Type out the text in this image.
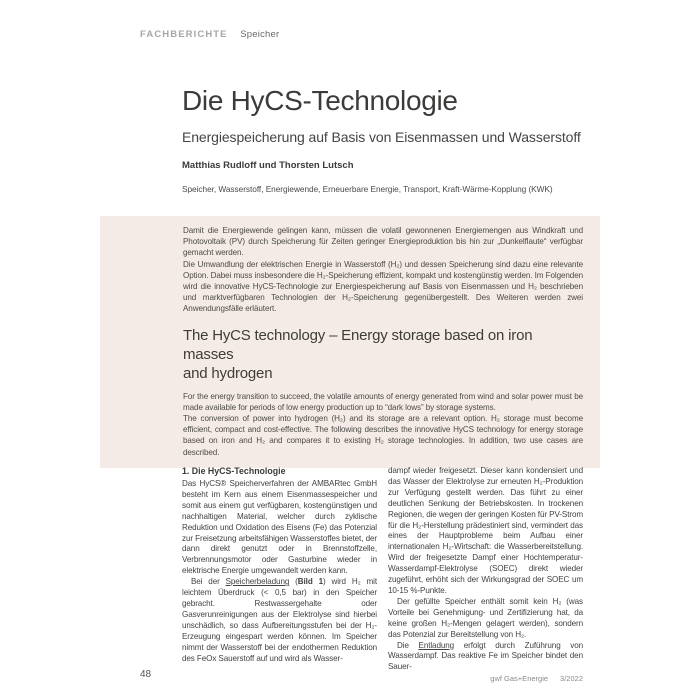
FACHBERICHTE Speicher
Die HyCS-Technologie
Energiespeicherung auf Basis von Eisenmassen und Wasserstoff
Matthias Rudloff und Thorsten Lutsch
Speicher, Wasserstoff, Energiewende, Erneuerbare Energie, Transport, Kraft-Wärme-Kopplung (KWK)

Damit die Energiewende gelingen kann, müssen die volatil gewonnenen Energiemengen aus Windkraft und Photovoltaik (PV) durch Speicherung für Zeiten geringer Energieproduktion bis hin zur „Dunkelflaute“ verfügbar gemacht werden.

Die Umwandlung der elektrischen Energie in Wasserstoff (H₂) und dessen Speicherung sind dazu eine relevante Option. Dabei muss insbesondere die H₂-Speicherung effizient, kompakt und kostengünstig werden. Im Folgenden wird die innovative HyCS-Technologie zur Energiespeicherung auf Basis von Eisenmassen und H₂ beschrieben und marktverfügbaren Technologien der H₂-Speicherung gegenübergestellt. Des Weiteren werden zwei Anwendungsfälle erläutert.

The HyCS technology – Energy storage based on iron masses
and hydrogen

For the energy transition to succeed, the volatile amounts of energy generated from wind and solar power must be made available for periods of low energy production up to “dark lows” by storage systems.

The conversion of power into hydrogen (H₂) and its storage are a relevant option. H₂ storage must become efficient, compact and cost-effective. The following describes the innovative HyCS technology for energy storage based on iron and H₂ and compares it to existing H₂ storage technologies. In addition, two use cases are described.

1. Die HyCS-Technologie

Das HyCS® Speicherverfahren der AMBARtec GmbH besteht im Kern aus einem Eisenmassespeicher und somit aus einem gut verfügbaren, kostengünstigen und nachhaltigen Material, welcher durch zyklische Reduktion und Oxidation des Eisens (Fe) das Potenzial zur Freisetzung arbeitsfähigen Wasserstoffes bietet, der dann direkt genutzt oder in Brennstoffzelle, Verbrennungsmotor oder Gasturbine wieder in elektrische Energie umgewandelt werden kann.

Bei der Speicherbeladung (Bild 1) wird H₂ mit leichtem Überdruck (< 0,5 bar) in den Speicher gebracht. Restwassergehalte oder Gasverunreinigungen aus der Elektrolyse sind hierbei unschädlich, so dass Aufbereitungsstufen bei der H₂-Erzeugung eingespart werden können. Im Speicher nimmt der Wasserstoff bei der endothermen Reduktion des FeOx Sauerstoff auf und wird als Wasser-

dampf wieder freigesetzt. Dieser kann kondensiert und das Wasser der Elektrolyse zur erneuten H₂-Produktion zur Verfügung gestellt werden. Das führt zu einer deutlichen Senkung der Betriebskosten. In trockenen Regionen, die wegen der geringen Kosten für PV-Strom für die H₂-Herstellung prädestiniert sind, vermindert das eines der Hauptprobleme beim Aufbau einer internationalen H₂-Wirtschaft: die Wasserbereitstellung. Wird der freigesetzte Dampf einer Hochtemperatur-Wasserdampf-Elektrolyse (SOEC) direkt wieder zugeführt, erhöht sich der Wirkungsgrad der SOEC um 10-15 %-Punkte.

Der gefüllte Speicher enthält somit kein H₂ (was Vorteile bei Genehmigung- und Zertifizierung hat, da keine großen H₂-Mengen gelagert werden), sondern das Potenzial zur Bereitstellung von H₂.

Die Entladung erfolgt durch Zuführung von Wasserdampf. Das reaktive Fe im Speicher bindet den Sauer-

48	gwf Gas+Energie 3/2022
